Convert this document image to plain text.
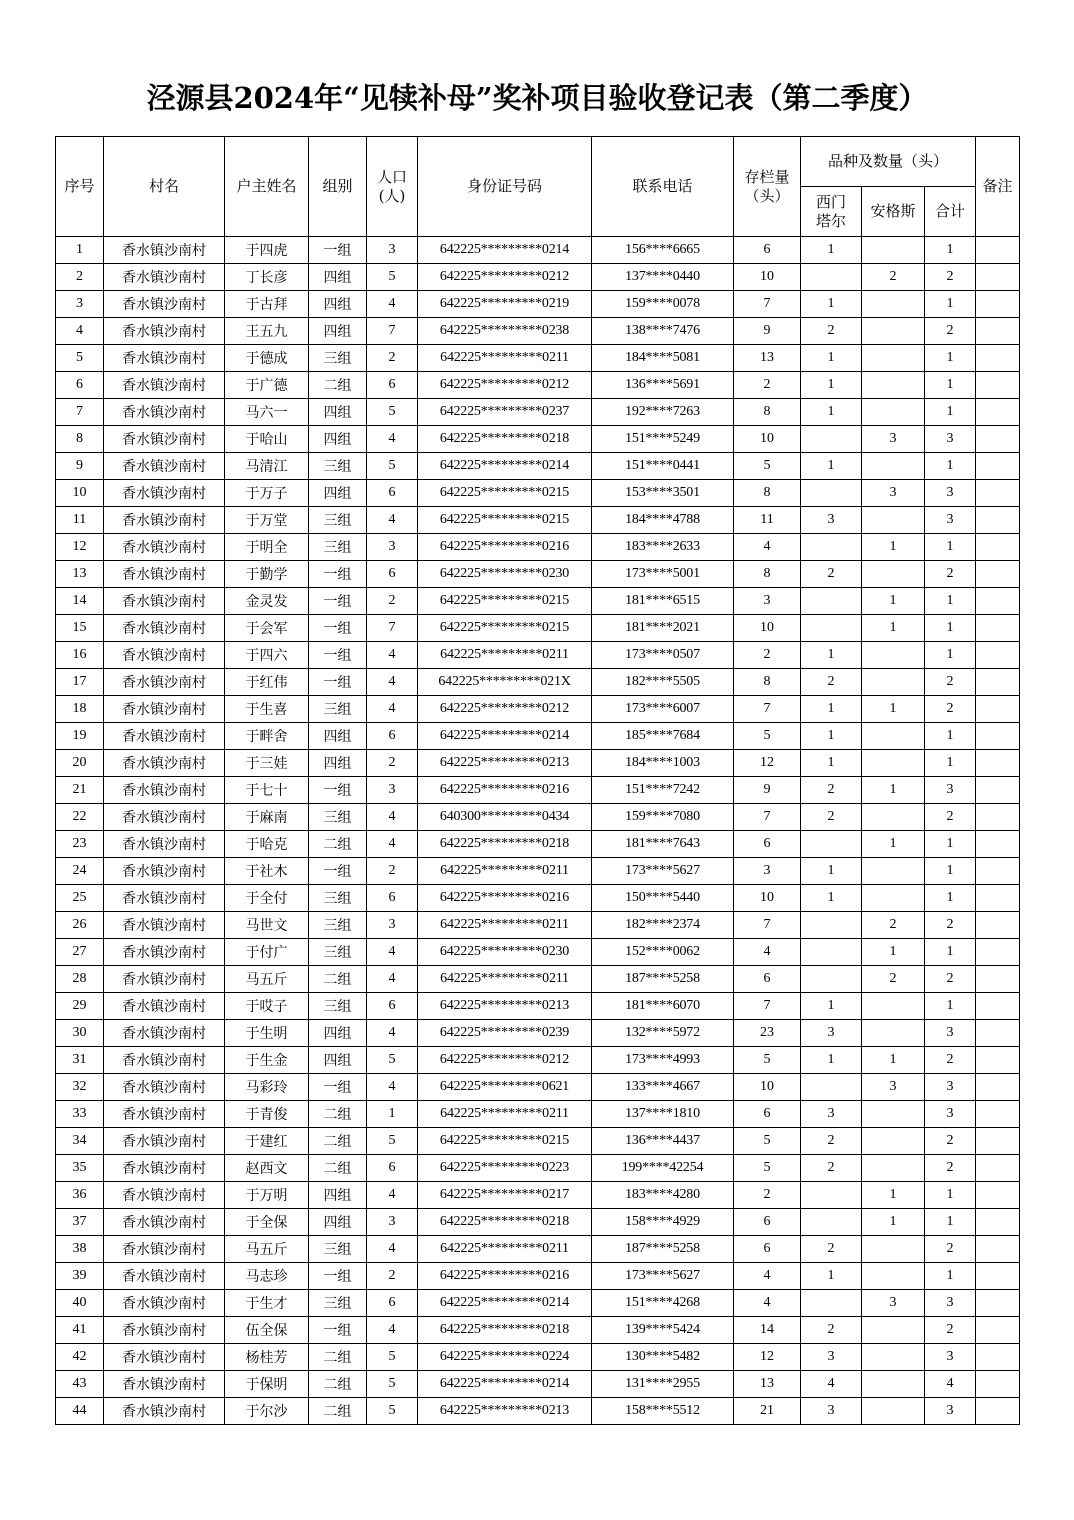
泾源县2024年“见犊补母”奖补项目验收登记表（第二季度）
序号	村名	户主姓名	组别	人口(人)	身份证号码	联系电话	存栏量（头）	品种及数量（头）			备注
								西门塔尔	安格斯	合计	
1	香水镇沙南村	于四虎	一组	3	642225*********0214	156****6665	6	1		1	
2	香水镇沙南村	丁长彦	四组	5	642225*********0212	137****0440	10		2	2	
3	香水镇沙南村	于古拜	四组	4	642225*********0219	159****0078	7	1		1	
4	香水镇沙南村	王五九	四组	7	642225*********0238	138****7476	9	2		2	
5	香水镇沙南村	于德成	三组	2	642225*********0211	184****5081	13	1		1	
6	香水镇沙南村	于广德	二组	6	642225*********0212	136****5691	2	1		1	
7	香水镇沙南村	马六一	四组	5	642225*********0237	192****7263	8	1		1	
8	香水镇沙南村	于哈山	四组	4	642225*********0218	151****5249	10		3	3	
9	香水镇沙南村	马清江	三组	5	642225*********0214	151****0441	5	1		1	
10	香水镇沙南村	于万子	四组	6	642225*********0215	153****3501	8		3	3	
11	香水镇沙南村	于万堂	三组	4	642225*********0215	184****4788	11	3		3	
12	香水镇沙南村	于明全	三组	3	642225*********0216	183****2633	4		1	1	
13	香水镇沙南村	于勤学	一组	6	642225*********0230	173****5001	8	2		2	
14	香水镇沙南村	金灵发	一组	2	642225*********0215	181****6515	3		1	1	
15	香水镇沙南村	于会军	一组	7	642225*********0215	181****2021	10		1	1	
16	香水镇沙南村	于四六	一组	4	642225*********0211	173****0507	2	1		1	
17	香水镇沙南村	于红伟	一组	4	642225*********021X	182****5505	8	2		2	
18	香水镇沙南村	于生喜	三组	4	642225*********0212	173****6007	7	1	1	2	
19	香水镇沙南村	于畔舍	四组	6	642225*********0214	185****7684	5	1		1	
20	香水镇沙南村	于三娃	四组	2	642225*********0213	184****1003	12	1		1	
21	香水镇沙南村	于七十	一组	3	642225*********0216	151****7242	9	2	1	3	
22	香水镇沙南村	于麻南	三组	4	640300*********0434	159****7080	7	2		2	
23	香水镇沙南村	于哈克	二组	4	642225*********0218	181****7643	6		1	1	
24	香水镇沙南村	于社木	一组	2	642225*********0211	173****5627	3	1		1	
25	香水镇沙南村	于全付	三组	6	642225*********0216	150****5440	10	1		1	
26	香水镇沙南村	马世文	三组	3	642225*********0211	182****2374	7		2	2	
27	香水镇沙南村	于付广	三组	4	642225*********0230	152****0062	4		1	1	
28	香水镇沙南村	马五斤	二组	4	642225*********0211	187****5258	6		2	2	
29	香水镇沙南村	于哎子	三组	6	642225*********0213	181****6070	7	1		1	
30	香水镇沙南村	于生明	四组	4	642225*********0239	132****5972	23	3		3	
31	香水镇沙南村	于生金	四组	5	642225*********0212	173****4993	5	1	1	2	
32	香水镇沙南村	马彩玲	一组	4	642225*********0621	133****4667	10		3	3	
33	香水镇沙南村	于青俊	二组	1	642225*********0211	137****1810	6	3		3	
34	香水镇沙南村	于建红	二组	5	642225*********0215	136****4437	5	2		2	
35	香水镇沙南村	赵西文	二组	6	642225*********0223	199****42254	5	2		2	
36	香水镇沙南村	于万明	四组	4	642225*********0217	183****4280	2		1	1	
37	香水镇沙南村	于全保	四组	3	642225*********0218	158****4929	6		1	1	
38	香水镇沙南村	马五斤	三组	4	642225*********0211	187****5258	6	2		2	
39	香水镇沙南村	马志珍	一组	2	642225*********0216	173****5627	4	1		1	
40	香水镇沙南村	于生才	三组	6	642225*********0214	151****4268	4		3	3	
41	香水镇沙南村	伍全保	一组	4	642225*********0218	139****5424	14	2		2	
42	香水镇沙南村	杨桂芳	二组	5	642225*********0224	130****5482	12	3		3	
43	香水镇沙南村	于保明	二组	5	642225*********0214	131****2955	13	4		4	
44	香水镇沙南村	于尔沙	二组	5	642225*********0213	158****5512	21	3		3	
